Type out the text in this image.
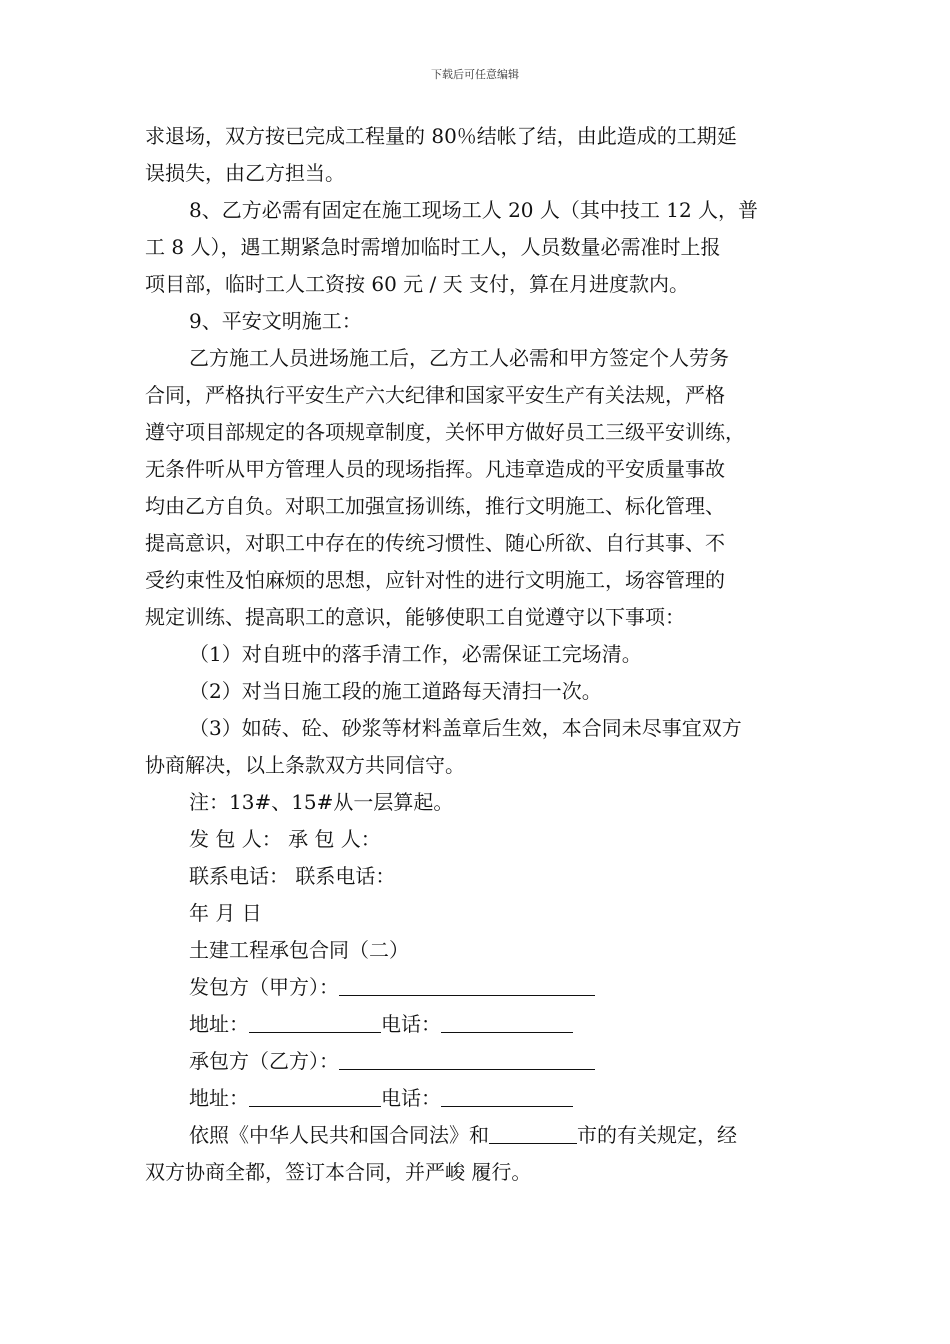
下载后可任意编辑
求退场，双方按已完成工程量的 80％结帐了结，由此造成的工期延
误损失，由乙方担当。
8、乙方必需有固定在施工现场工人 20 人（其中技工 12 人，普
工 8 人），遇工期紧急时需增加临时工人，人员数量必需准时上报
项目部，临时工人工资按 60 元 / 天 支付，算在月进度款内。
9、平安文明施工：
乙方施工人员进场施工后，乙方工人必需和甲方签定个人劳务
合同，严格执行平安生产六大纪律和国家平安生产有关法规，严格
遵守项目部规定的各项规章制度，关怀甲方做好员工三级平安训练，
无条件听从甲方管理人员的现场指挥。凡违章造成的平安质量事故
均由乙方自负。对职工加强宣扬训练，推行文明施工、标化管理、
提高意识，对职工中存在的传统习惯性、随心所欲、自行其事、不
受约束性及怕麻烦的思想，应针对性的进行文明施工，场容管理的
规定训练、提高职工的意识，能够使职工自觉遵守以下事项：
（1）对自班中的落手清工作，必需保证工完场清。
（2）对当日施工段的施工道路每天清扫一次。
（3）如砖、砼、砂浆等材料盖章后生效，本合同未尽事宜双方
协商解决，以上条款双方共同信守。
注：13#、15#从一层算起。
发 包 人： 承 包 人：
联系电话： 联系电话：
年 月 日
土建工程承包合同（二）
发包方（甲方）：
地址：	电话：
承包方（乙方）：
地址：	电话：
依照《中华人民共和国合同法》和	市的有关规定，经
双方协商全都，签订本合同，并严峻 履行。
